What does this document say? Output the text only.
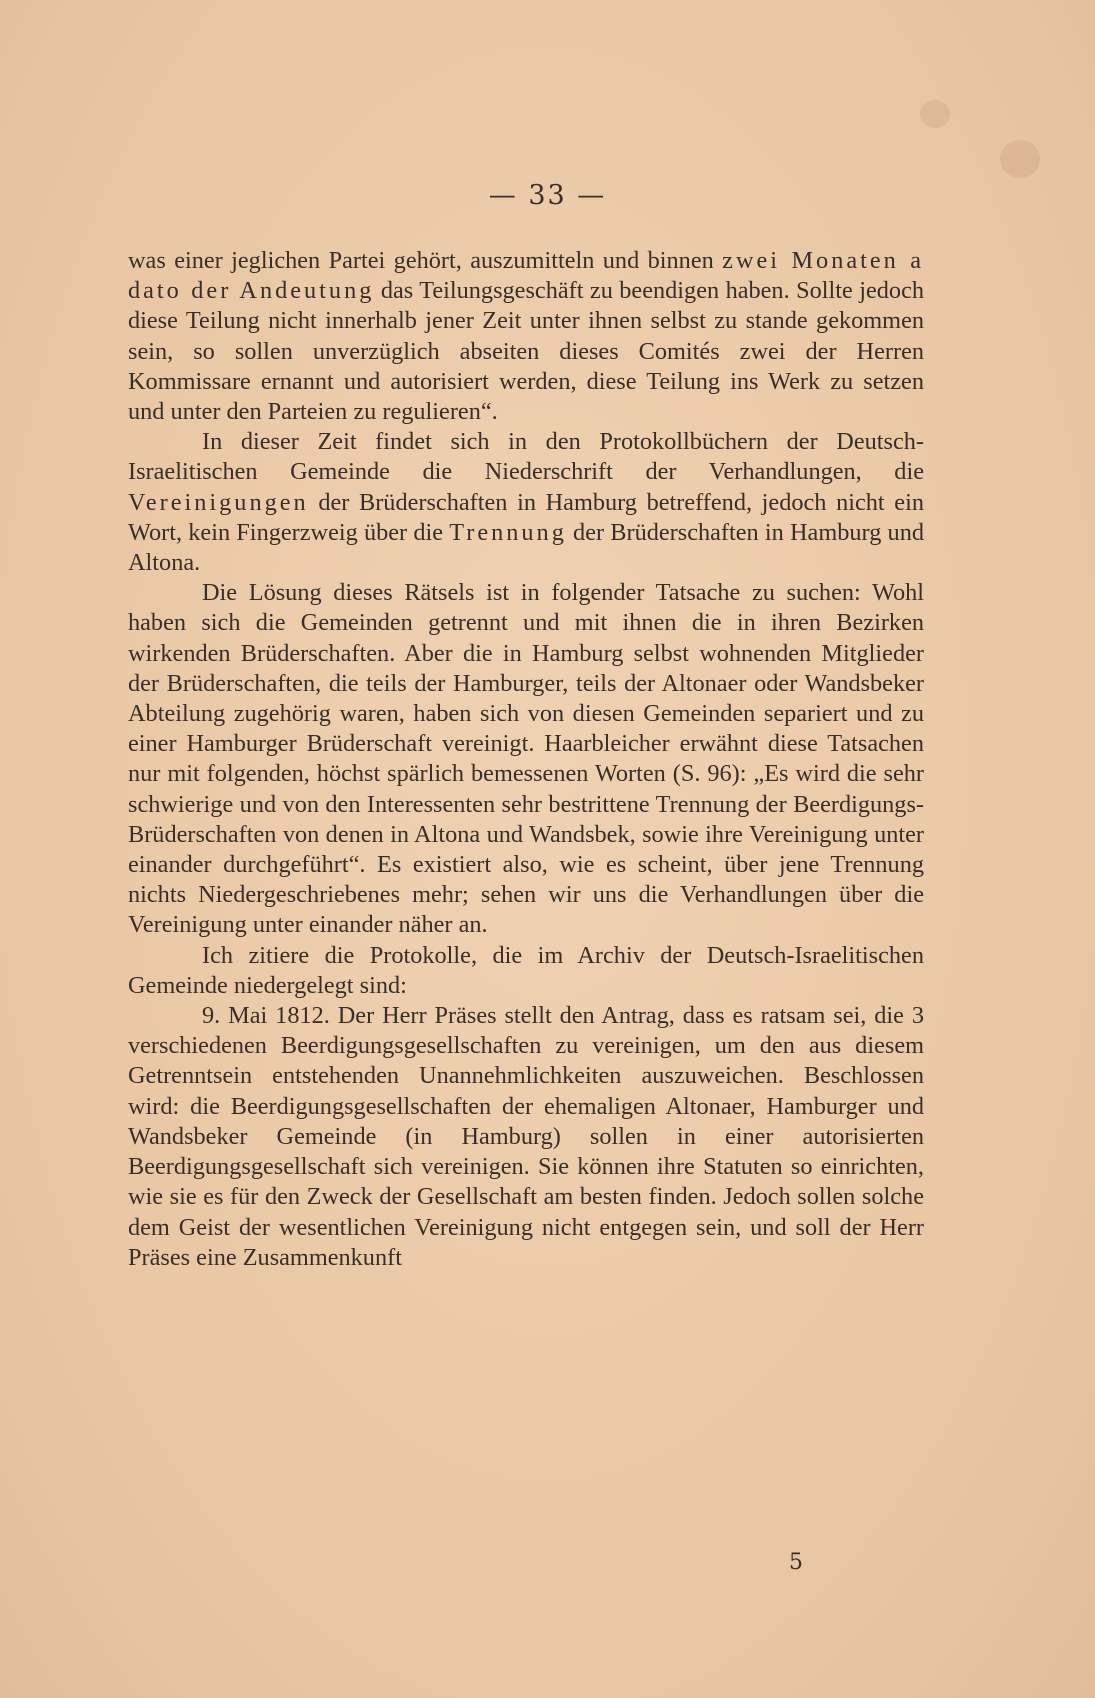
— 33 —

was einer jeglichen Partei gehört, auszumitteln und binnen zwei Monaten a dato der Andeutung das Teilungsgeschäft zu beendigen haben. Sollte jedoch diese Teilung nicht innerhalb jener Zeit unter ihnen selbst zu stande gekommen sein, so sollen unverzüglich abseiten dieses Comités zwei der Herren Kommissare ernannt und autorisiert werden, diese Teilung ins Werk zu setzen und unter den Parteien zu regulieren“.

In dieser Zeit findet sich in den Protokollbüchern der Deutsch-Israelitischen Gemeinde die Niederschrift der Verhandlungen, die Vereinigungen der Brüderschaften in Hamburg betreffend, jedoch nicht ein Wort, kein Fingerzweig über die Trennung der Brüderschaften in Hamburg und Altona.

Die Lösung dieses Rätsels ist in folgender Tatsache zu suchen: Wohl haben sich die Gemeinden getrennt und mit ihnen die in ihren Bezirken wirkenden Brüderschaften. Aber die in Hamburg selbst wohnenden Mitglieder der Brüderschaften, die teils der Hamburger, teils der Altonaer oder Wandsbeker Abteilung zugehörig waren, haben sich von diesen Gemeinden separiert und zu einer Hamburger Brüderschaft vereinigt. Haarbleicher erwähnt diese Tatsachen nur mit folgenden, höchst spärlich bemessenen Worten (S. 96): „Es wird die sehr schwierige und von den Interessenten sehr bestrittene Trennung der Beerdigungs-Brüderschaften von denen in Altona und Wandsbek, sowie ihre Vereinigung unter einander durchgeführt“. Es existiert also, wie es scheint, über jene Trennung nichts Niedergeschriebenes mehr; sehen wir uns die Verhandlungen über die Vereinigung unter einander näher an.

Ich zitiere die Protokolle, die im Archiv der Deutsch-Israelitischen Gemeinde niedergelegt sind:

9. Mai 1812. Der Herr Präses stellt den Antrag, dass es ratsam sei, die 3 verschiedenen Beerdigungsgesellschaften zu vereinigen, um den aus diesem Getrenntsein entstehenden Unannehmlichkeiten auszuweichen. Beschlossen wird: die Beerdigungsgesellschaften der ehemaligen Altonaer, Hamburger und Wandsbeker Gemeinde (in Hamburg) sollen in einer autorisierten Beerdigungsgesellschaft sich vereinigen. Sie können ihre Statuten so einrichten, wie sie es für den Zweck der Gesellschaft am besten finden. Jedoch sollen solche dem Geist der wesentlichen Vereinigung nicht entgegen sein, und soll der Herr Präses eine Zusammenkunft

5
